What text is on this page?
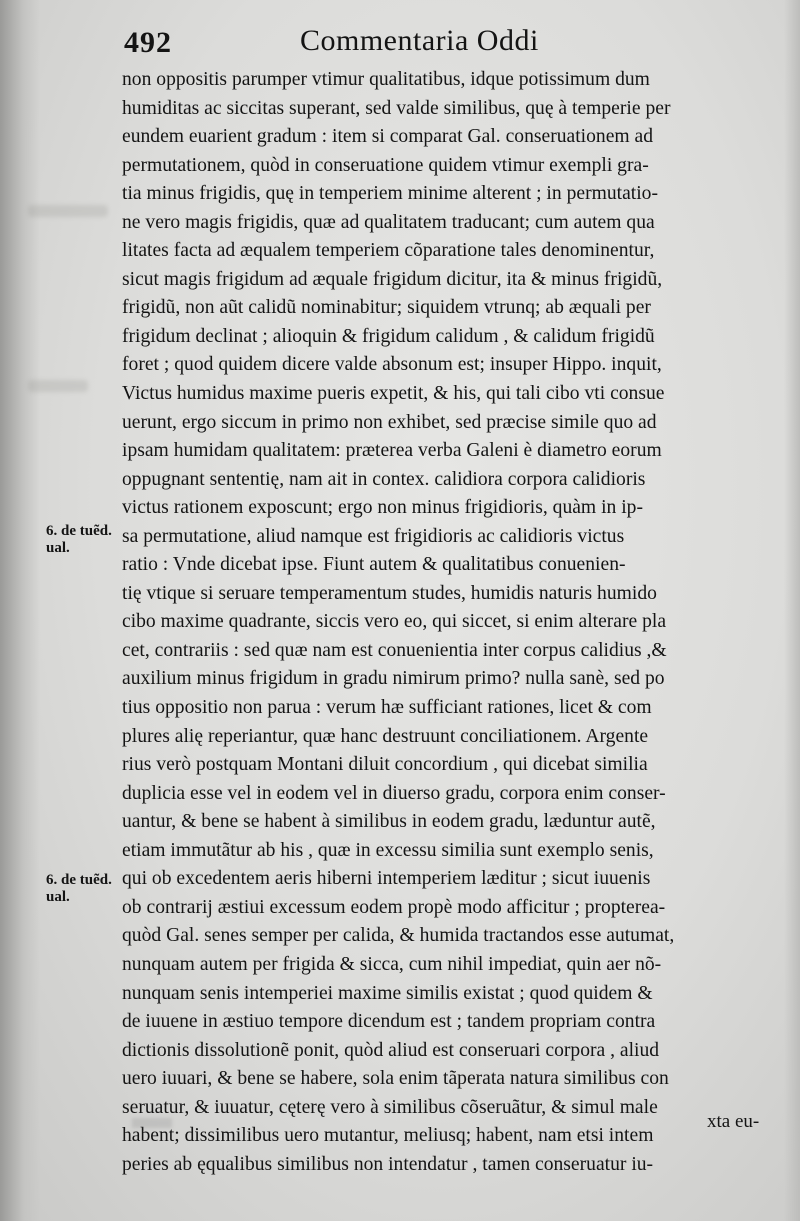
492	Commentaria Oddi
non oppositis parumper vtimur qualitatibus, idque potissimum dum
humiditas ac siccitas superant, sed valde similibus, quę à temperie per
eundem euarient gradum : item si comparat Gal. conseruationem ad
permutationem, quòd in conseruatione quidem vtimur exempli gra-
tia minus frigidis, quę in temperiem minime alterent ; in permutatio-
ne vero magis frigidis, quæ ad qualitatem traducant; cum autem qua
litates facta ad æqualem temperiem cõparatione tales denominentur,
sicut magis frigidum ad æquale frigidum dicitur, ita & minus frigidũ,
frigidũ, non aũt calidũ nominabitur; siquidem vtrunq; ab æquali per
frigidum declinat ; alioquin & frigidum calidum , & calidum frigidũ
foret ; quod quidem dicere valde absonum est; insuper Hippo. inquit,
Victus humidus maxime pueris expetit, & his, qui tali cibo vti consue
uerunt, ergo siccum in primo non exhibet, sed præcise simile quo ad
ipsam humidam qualitatem: præterea verba Galeni è diametro eorum
oppugnant sententię, nam ait in contex. calidiora corpora calidioris
victus rationem exposcunt; ergo non minus frigidioris, quàm in ip-
sa permutatione, aliud namque est frigidioris ac calidioris victus
ratio : Vnde dicebat ipse. Fiunt autem & qualitatibus conuenien-
tię vtique si seruare temperamentum studes, humidis naturis humido
cibo maxime quadrante, siccis vero eo, qui siccet, si enim alterare pla
cet, contrariis : sed quæ nam est conuenientia inter corpus calidius ,&
auxilium minus frigidum in gradu nimirum primo? nulla sanè, sed po
tius oppositio non parua : verum hæ sufficiant rationes, licet & com
plures alię reperiantur, quæ hanc destruunt conciliationem. Argente
rius verò postquam Montani diluit concordium , qui dicebat similia
duplicia esse vel in eodem vel in diuerso gradu, corpora enim conser-
uantur, & bene se habent à similibus in eodem gradu, læduntur autẽ,
etiam immutãtur ab his , quæ in excessu similia sunt exemplo senis,
qui ob excedentem aeris hiberni intemperiem læditur ; sicut iuuenis
ob contrarij æstiui excessum eodem propè modo afficitur ; propterea-
quòd Gal. senes semper per calida, & humida tractandos esse autumat,
nunquam autem per frigida & sicca, cum nihil impediat, quin aer nõ-
nunquam senis intemperiei maxime similis existat ; quod quidem &
de iuuene in æstiuo tempore dicendum est ; tandem propriam contra
dictionis dissolutionẽ ponit, quòd aliud est conseruari corpora , aliud
uero iuuari, & bene se habere, sola enim tãperata natura similibus con
seruatur, & iuuatur, cęterę vero à similibus cõseruãtur, & simul male
habent; dissimilibus uero mutantur, meliusq; habent, nam etsi intem
peries ab ęqualibus similibus non intendatur , tamen conseruatur iu-
6. de tuẽd.
ual.
6. de tuẽd.
ual.
xta eu-
